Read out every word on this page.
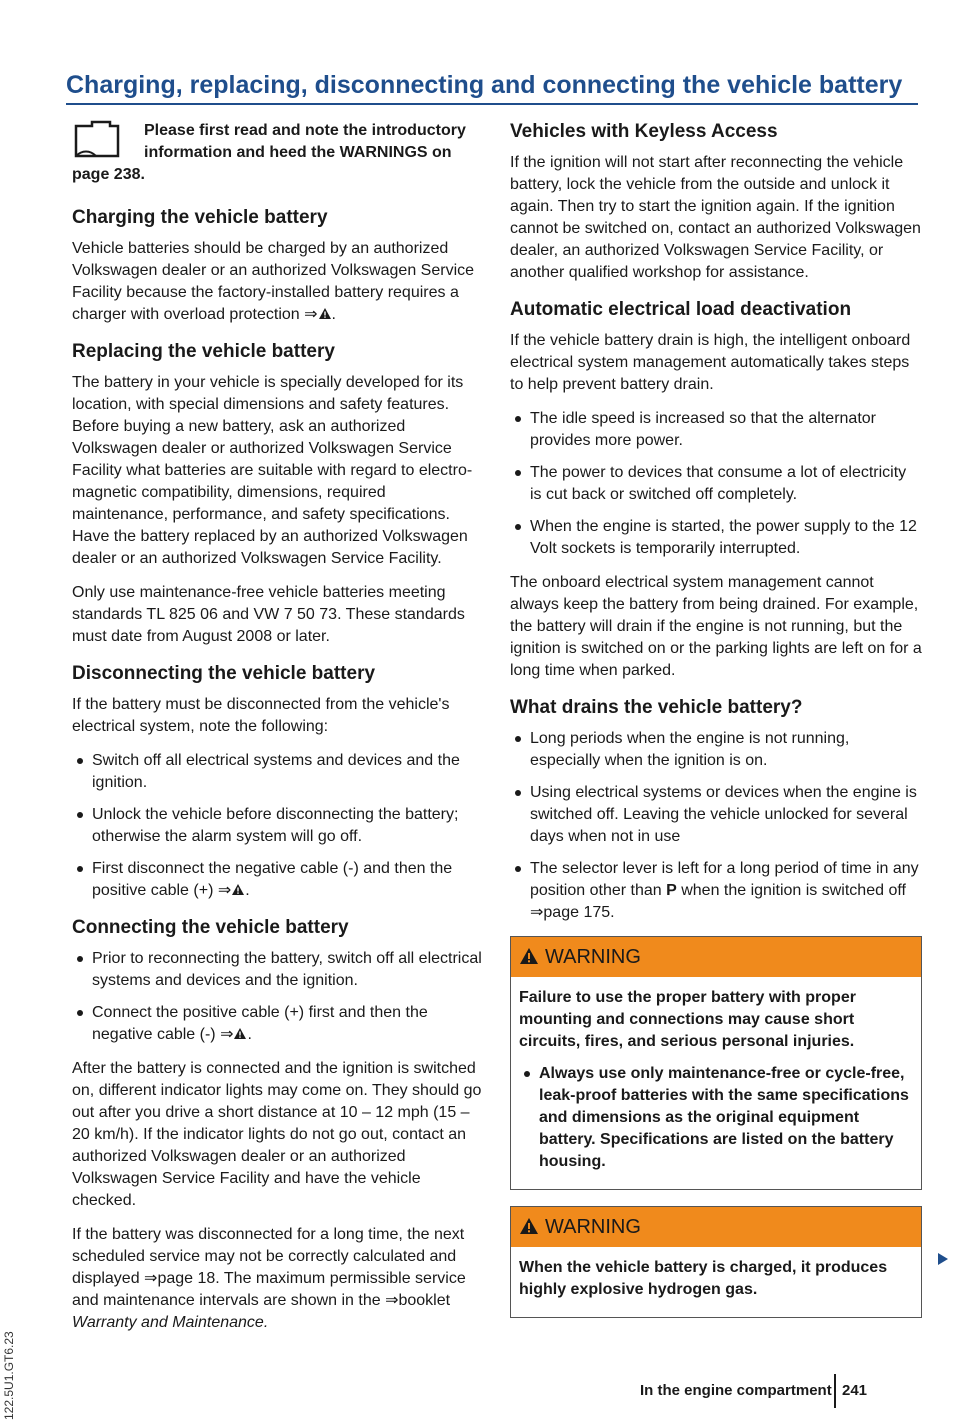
Charging, replacing, disconnecting and connecting the vehicle battery
Please first read and note the introductory information and heed the WARNINGS on page 238.
Charging the vehicle battery

Vehicle batteries should be charged by an authorized Volkswagen dealer or an authorized Volkswagen Service Facility because the factory-installed battery requires a charger with overload protection ⇒ .

Replacing the vehicle battery

The battery in your vehicle is specially developed for its location, with special dimensions and safety features. Before buying a new battery, ask an authorized Volkswagen dealer or authorized Volkswagen Service Facility what batteries are suitable with regard to electro-magnetic compatibility, dimensions, required maintenance, performance, and safety specifications. Have the battery replaced by an authorized Volkswagen dealer or an authorized Volkswagen Service Facility.

Only use maintenance-free vehicle batteries meeting standards TL 825 06 and VW 7 50 73. These standards must date from August 2008 or later.

Disconnecting the vehicle battery

If the battery must be disconnected from the vehicle's electrical system, note the following:

Switch off all electrical systems and devices and the ignition.
Unlock the vehicle before disconnecting the battery; otherwise the alarm system will go off.
First disconnect the negative cable (-) and then the positive cable (+) ⇒ .
Connecting the vehicle battery
Prior to reconnecting the battery, switch off all electrical systems and devices and the ignition.
Connect the positive cable (+) first and then the negative cable (-) ⇒ .

After the battery is connected and the ignition is switched on, different indicator lights may come on. They should go out after you drive a short distance at 10 – 12 mph (15 – 20 km/h). If the indicator lights do not go out, contact an authorized Volkswagen dealer or an authorized Volkswagen Service Facility and have the vehicle checked.

If the battery was disconnected for a long time, the next scheduled service may not be correctly calculated and displayed ⇒page 18. The maximum permissible service and maintenance intervals are shown in the ⇒booklet Warranty and Maintenance.

Vehicles with Keyless Access

If the ignition will not start after reconnecting the vehicle battery, lock the vehicle from the outside and unlock it again. Then try to start the ignition again. If the ignition cannot be switched on, contact an authorized Volkswagen dealer, an authorized Volkswagen Service Facility, or another qualified workshop for assistance.

Automatic electrical load deactivation

If the vehicle battery drain is high, the intelligent onboard electrical system management automatically takes steps to help prevent battery drain.

The idle speed is increased so that the alternator provides more power.
The power to devices that consume a lot of electricity is cut back or switched off completely.
When the engine is started, the power supply to the 12 Volt sockets is temporarily interrupted.

The onboard electrical system management cannot always keep the battery from being drained. For example, the battery will drain if the engine is not running, but the ignition is switched on or the parking lights are left on for a long time when parked.

What drains the vehicle battery?
Long periods when the engine is not running, especially when the ignition is on.
Using electrical systems or devices when the engine is switched off. Leaving the vehicle unlocked for several days when not in use
The selector lever is left for a long period of time in any position other than P when the ignition is switched off ⇒page 175.
WARNING

Failure to use the proper battery with proper mounting and connections may cause short circuits, fires, and serious personal injuries.

Always use only maintenance-free or cycle-free, leak-proof batteries with the same specifications and dimensions as the original equipment battery. Specifications are listed on the battery housing.
WARNING

When the vehicle battery is charged, it produces highly explosive hydrogen gas.

122.5U1.GT6.23	In the engine compartment 241
